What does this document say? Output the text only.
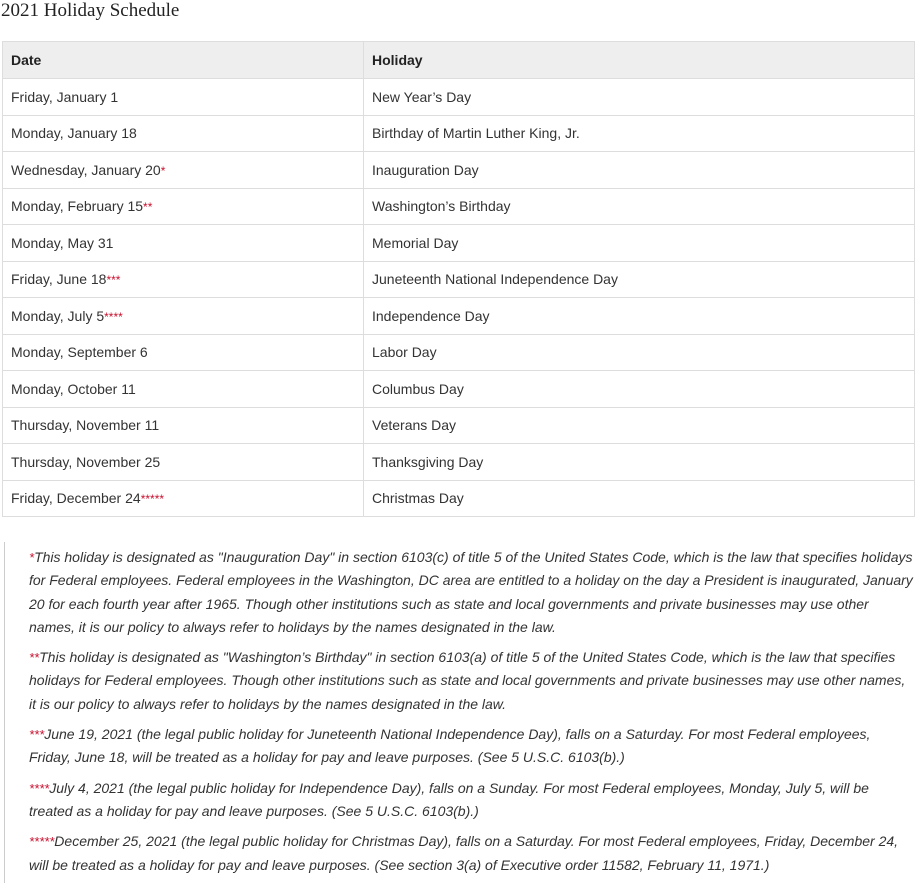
2021 Holiday Schedule
Date	Holiday
Friday, January 1	New Year’s Day
Monday, January 18	Birthday of Martin Luther King, Jr.
Wednesday, January 20*	Inauguration Day
Monday, February 15**	Washington’s Birthday
Monday, May 31	Memorial Day
Friday, June 18***	Juneteenth National Independence Day
Monday, July 5****	Independence Day
Monday, September 6	Labor Day
Monday, October 11	Columbus Day
Thursday, November 11	Veterans Day
Thursday, November 25	Thanksgiving Day
Friday, December 24*****	Christmas Day

*This holiday is designated as "Inauguration Day" in section 6103(c) of title 5 of the United States Code, which is the law that specifies holidays for Federal employees. Federal employees in the Washington, DC area are entitled to a holiday on the day a President is inaugurated, January 20 for each fourth year after 1965. Though other institutions such as state and local governments and private businesses may use other names, it is our policy to always refer to holidays by the names designated in the law.

**This holiday is designated as "Washington’s Birthday" in section 6103(a) of title 5 of the United States Code, which is the law that specifies holidays for Federal employees. Though other institutions such as state and local governments and private businesses may use other names, it is our policy to always refer to holidays by the names designated in the law.

***June 19, 2021 (the legal public holiday for Juneteenth National Independence Day), falls on a Saturday. For most Federal employees, Friday, June 18, will be treated as a holiday for pay and leave purposes. (See 5 U.S.C. 6103(b).)

****July 4, 2021 (the legal public holiday for Independence Day), falls on a Sunday. For most Federal employees, Monday, July 5, will be treated as a holiday for pay and leave purposes. (See 5 U.S.C. 6103(b).)

*****December 25, 2021 (the legal public holiday for Christmas Day), falls on a Saturday. For most Federal employees, Friday, December 24, will be treated as a holiday for pay and leave purposes. (See section 3(a) of Executive order 11582, February 11, 1971.)
